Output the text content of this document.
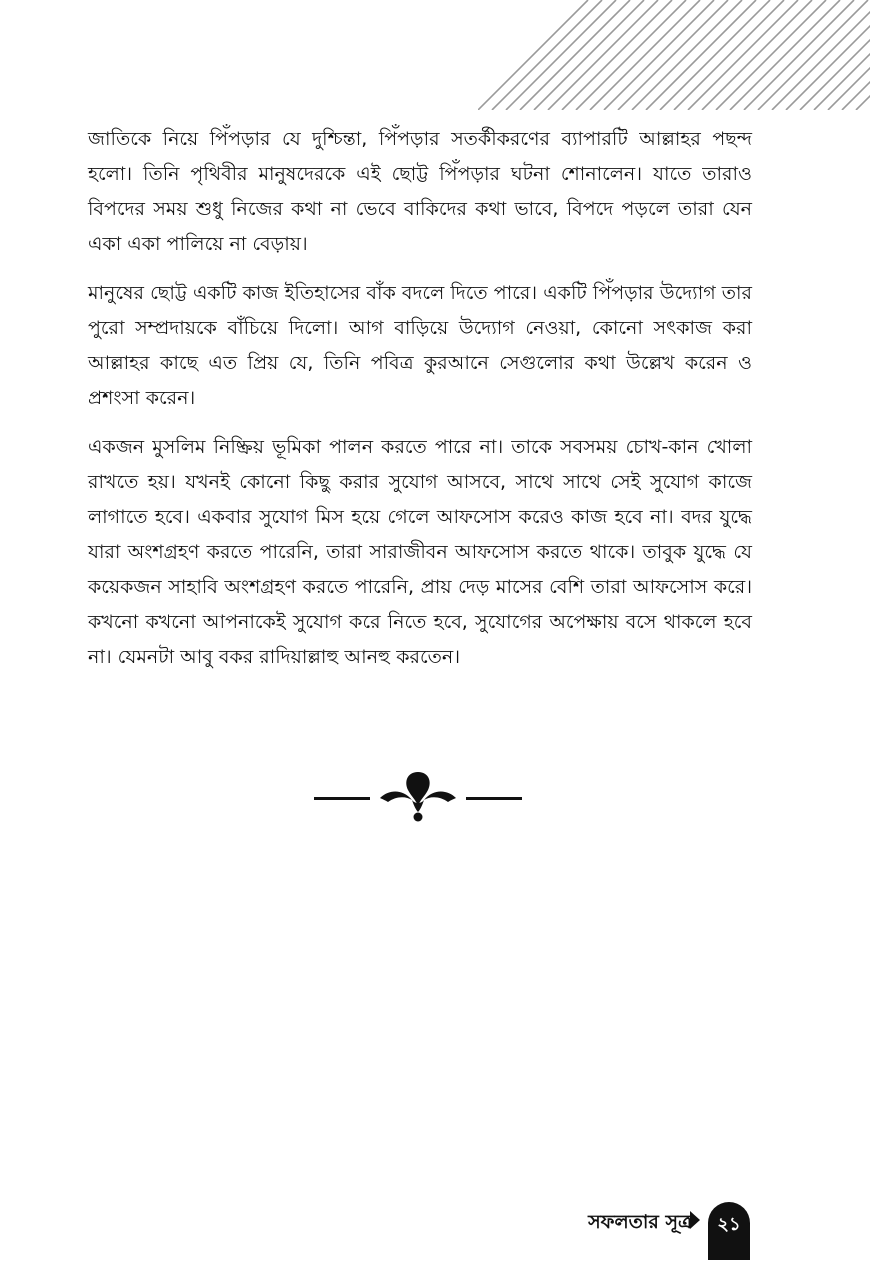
জাতিকে নিয়ে পিঁপড়ার যে দুশ্চিন্তা, পিঁপড়ার সতর্কীকরণের ব্যাপারটি আল্লাহর পছন্দ হলো। তিনি পৃথিবীর মানুষদেরকে এই ছোট্ট পিঁপড়ার ঘটনা শোনালেন। যাতে তারাও বিপদের সময় শুধু নিজের কথা না ভেবে বাকিদের কথা ভাবে, বিপদে পড়লে তারা যেন একা একা পালিয়ে না বেড়ায়।

মানুষের ছোট্ট একটি কাজ ইতিহাসের বাঁক বদলে দিতে পারে। একটি পিঁপড়ার উদ্যোগ তার পুরো সম্প্রদায়কে বাঁচিয়ে দিলো। আগ বাড়িয়ে উদ্যোগ নেওয়া, কোনো সৎকাজ করা আল্লাহর কাছে এত প্রিয় যে, তিনি পবিত্র কুরআনে সেগুলোর কথা উল্লেখ করেন ও প্রশংসা করেন।

একজন মুসলিম নিষ্ক্রিয় ভূমিকা পালন করতে পারে না। তাকে সবসময় চোখ-কান খোলা রাখতে হয়। যখনই কোনো কিছু করার সুযোগ আসবে, সাথে সাথে সেই সুযোগ কাজে লাগাতে হবে। একবার সুযোগ মিস হয়ে গেলে আফসোস করেও কাজ হবে না। বদর যুদ্ধে যারা অংশগ্রহণ করতে পারেনি, তারা সারাজীবন আফসোস করতে থাকে। তাবুক যুদ্ধে যে কয়েকজন সাহাবি অংশগ্রহণ করতে পারেনি, প্রায় দেড় মাসের বেশি তারা আফসোস করে। কখনো কখনো আপনাকেই সুযোগ করে নিতে হবে, সুযোগের অপেক্ষায় বসে থাকলে হবে না। যেমনটা আবু বকর রাদিয়াল্লাহু আনহু করতেন।

সফলতার সূত্র	২১
